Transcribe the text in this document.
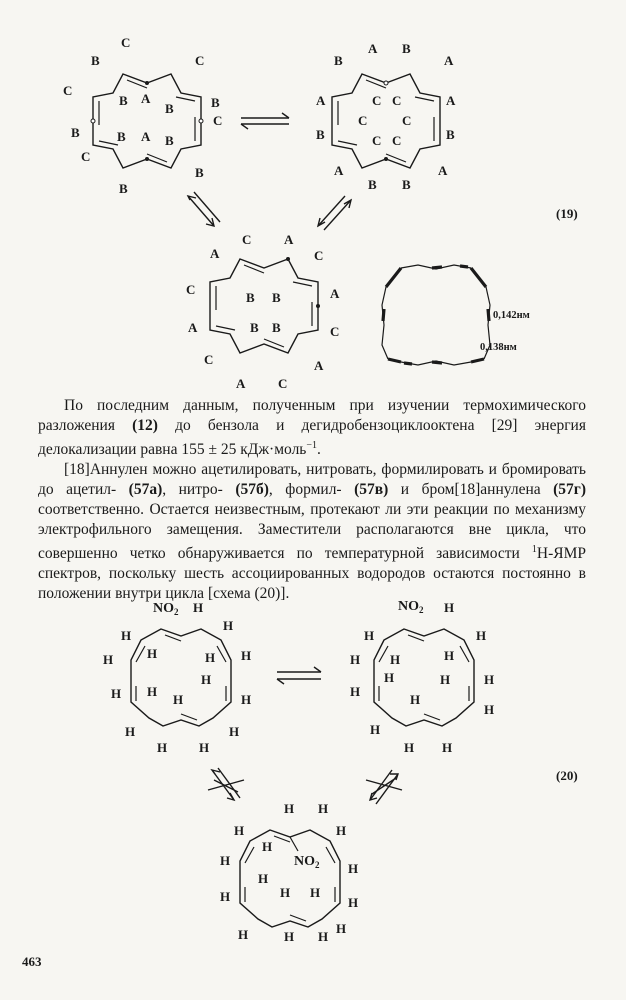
C
B	C
C
B A
B	B
B	B A B
C
C
B
B
A B
B	A
A	C C	A
C	C
B	C C	B
A
B B
A
C	A
A	C
C
B B	A
A	B B	C
C	A
A	C
(19)
0,142нм
0,138нм

По последним данным, полученным при изучении термохимического разложения (12) до бензола и дегидробензоциклооктена [29] энергия делокализации равна 155 ± 25 кДж·моль$^{-1}$.

[18]Аннулен можно ацетилировать, нитровать, формилировать и бромировать до ацетил- (57а), нитро- (57б), формил- (57в) и бром[18]аннулена (57г) соответственно. Остается неизвестным, протекают ли эти реакции по механизму электрофильного замещения. Заместители располагаются вне цикла, что совершенно четко обнаруживается по температурной зависимости $^1$Н-ЯМР спектров, поскольку шесть ассоциированных водородов остаются постоянно в положении внутри цикла [схема (20)].

$NO_2$ H
H
H
H
H	H H
H
H
H
H
H
H	H
H H
$NO_2$ H
H	H
H H	H
H	H	H
H
H
H
H
H H
$NO_2$
H H
H
H
H
H
H
H
H	H H
H
H	H H
H
(20)
463
